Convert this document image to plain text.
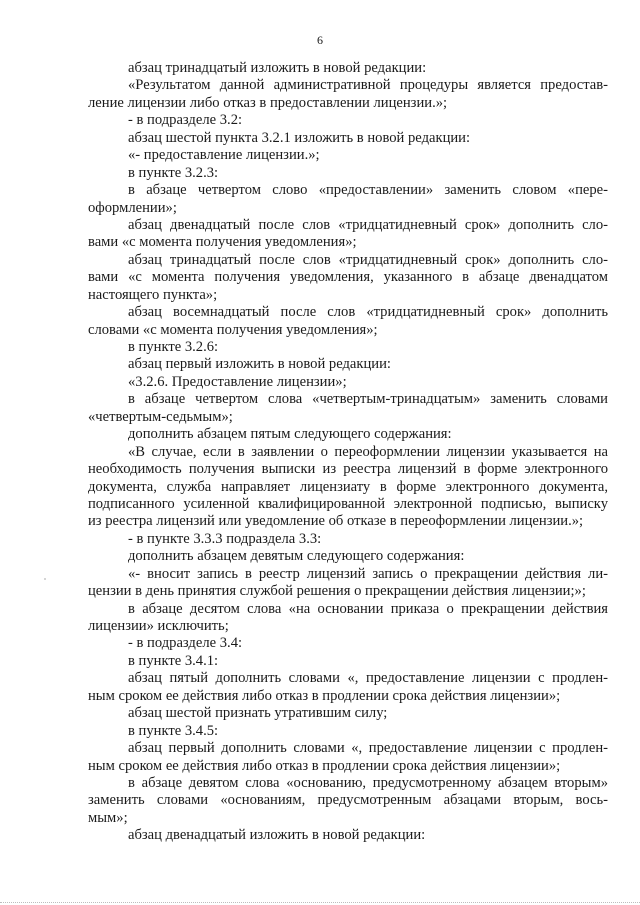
6
абзац тринадцатый изложить в новой редакции:
«Результатом данной административной процедуры является предостав-
ление лицензии либо отказ в предоставлении лицензии.»;
- в подразделе 3.2:
абзац шестой пункта 3.2.1 изложить в новой редакции:
«- предоставление лицензии.»;
в пункте 3.2.3:
в абзаце четвертом слово «предоставлении» заменить словом «пере-
оформлении»;
абзац двенадцатый после слов «тридцатидневный срок» дополнить сло-
вами «с момента получения уведомления»;
абзац тринадцатый после слов «тридцатидневный срок» дополнить сло-
вами «с момента получения уведомления, указанного в абзаце двенадцатом
настоящего пункта»;
абзац восемнадцатый после слов «тридцатидневный срок» дополнить
словами «с момента получения уведомления»;
в пункте 3.2.6:
абзац первый изложить в новой редакции:
«3.2.6. Предоставление лицензии»;
в абзаце четвертом слова «четвертым-тринадцатым» заменить словами
«четвертым-седьмым»;
дополнить абзацем пятым следующего содержания:
«В случае, если в заявлении о переоформлении лицензии указывается на
необходимость получения выписки из реестра лицензий в форме электронного
документа, служба направляет лицензиату в форме электронного документа,
подписанного усиленной квалифицированной электронной подписью, выписку
из реестра лицензий или уведомление об отказе в переоформлении лицензии.»;
- в пункте 3.3.3 подраздела 3.3:
дополнить абзацем девятым следующего содержания:
«- вносит запись в реестр лицензий запись о прекращении действия ли-
цензии в день принятия службой решения о прекращении действия лицензии;»;
в абзаце десятом слова «на основании приказа о прекращении действия
лицензии» исключить;
- в подразделе 3.4:
в пункте 3.4.1:
абзац пятый дополнить словами «, предоставление лицензии с продлен-
ным сроком ее действия либо отказ в продлении срока действия лицензии»;
абзац шестой признать утратившим силу;
в пункте 3.4.5:
абзац первый дополнить словами «, предоставление лицензии с продлен-
ным сроком ее действия либо отказ в продлении срока действия лицензии»;
в абзаце девятом слова «основанию, предусмотренному абзацем вторым»
заменить словами «основаниям, предусмотренным абзацами вторым, вось-
мым»;
абзац двенадцатый изложить в новой редакции:
